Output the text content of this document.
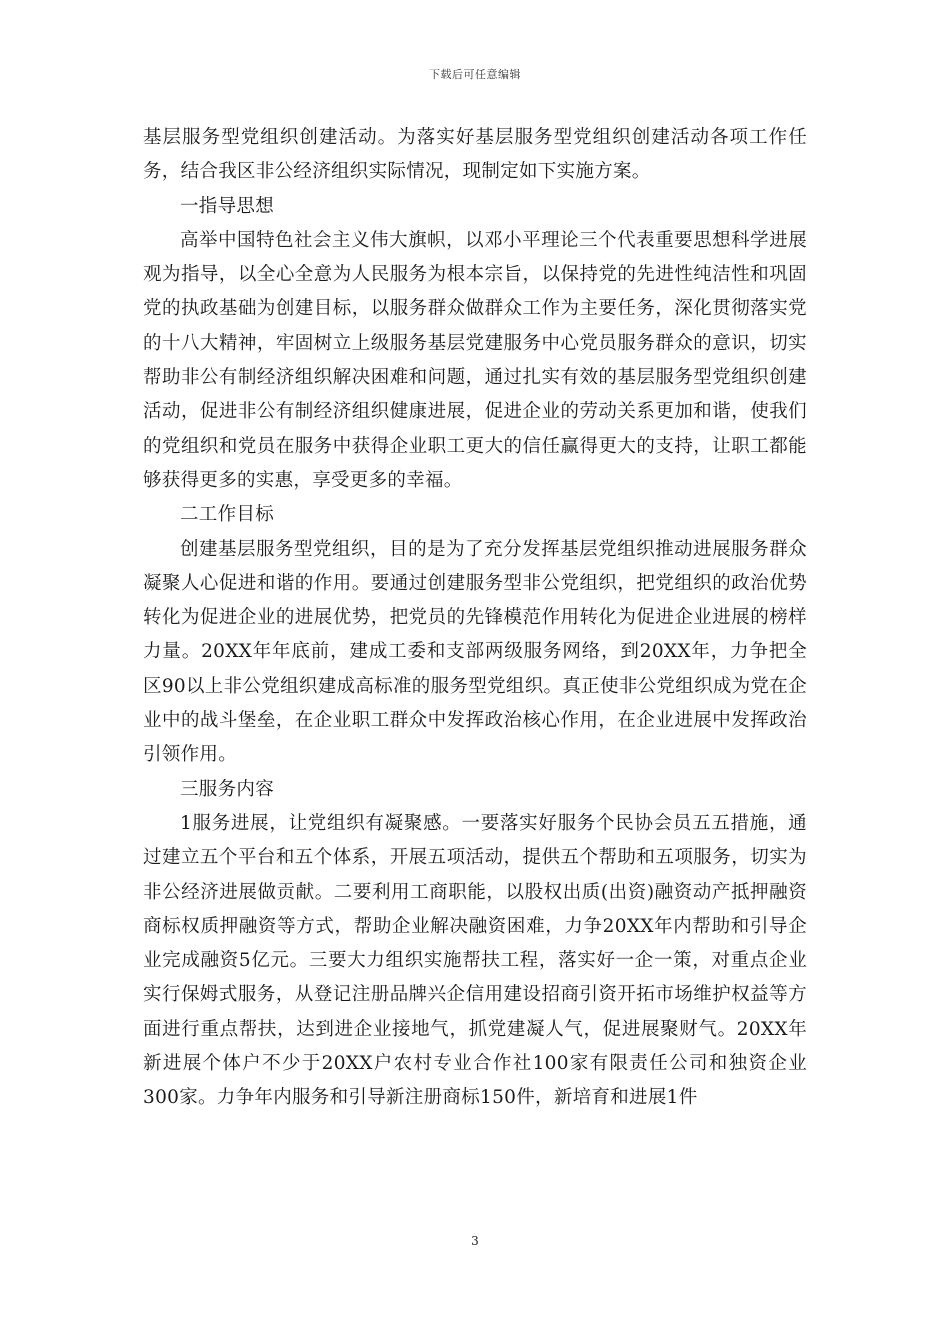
下载后可任意编辑

基层服务型党组织创建活动。为落实好基层服务型党组织创建活动各项工作任务，结合我区非公经济组织实际情况，现制定如下实施方案。

一指导思想

高举中国特色社会主义伟大旗帜，以邓小平理论三个代表重要思想科学进展观为指导，以全心全意为人民服务为根本宗旨，以保持党的先进性纯洁性和巩固党的执政基础为创建目标，以服务群众做群众工作为主要任务，深化贯彻落实党的十八大精神，牢固树立上级服务基层党建服务中心党员服务群众的意识，切实帮助非公有制经济组织解决困难和问题，通过扎实有效的基层服务型党组织创建活动，促进非公有制经济组织健康进展，促进企业的劳动关系更加和谐，使我们的党组织和党员在服务中获得企业职工更大的信任赢得更大的支持，让职工都能够获得更多的实惠，享受更多的幸福。

二工作目标

创建基层服务型党组织，目的是为了充分发挥基层党组织推动进展服务群众凝聚人心促进和谐的作用。要通过创建服务型非公党组织，把党组织的政治优势转化为促进企业的进展优势，把党员的先锋模范作用转化为促进企业进展的榜样力量。20XX年年底前，建成工委和支部两级服务网络，到20XX年，力争把全区90以上非公党组织建成高标准的服务型党组织。真正使非公党组织成为党在企业中的战斗堡垒，在企业职工群众中发挥政治核心作用，在企业进展中发挥政治引领作用。

三服务内容

1服务进展，让党组织有凝聚感。一要落实好服务个民协会员五五措施，通过建立五个平台和五个体系，开展五项活动，提供五个帮助和五项服务，切实为非公经济进展做贡献。二要利用工商职能，以股权出质(出资)融资动产抵押融资商标权质押融资等方式，帮助企业解决融资困难，力争20XX年内帮助和引导企业完成融资5亿元。三要大力组织实施帮扶工程，落实好一企一策，对重点企业实行保姆式服务，从登记注册品牌兴企信用建设招商引资开拓市场维护权益等方面进行重点帮扶，达到进企业接地气，抓党建凝人气，促进展聚财气。20XX年新进展个体户不少于20XX户农村专业合作社100家有限责任公司和独资企业300家。力争年内服务和引导新注册商标150件，新培育和进展1件

3
